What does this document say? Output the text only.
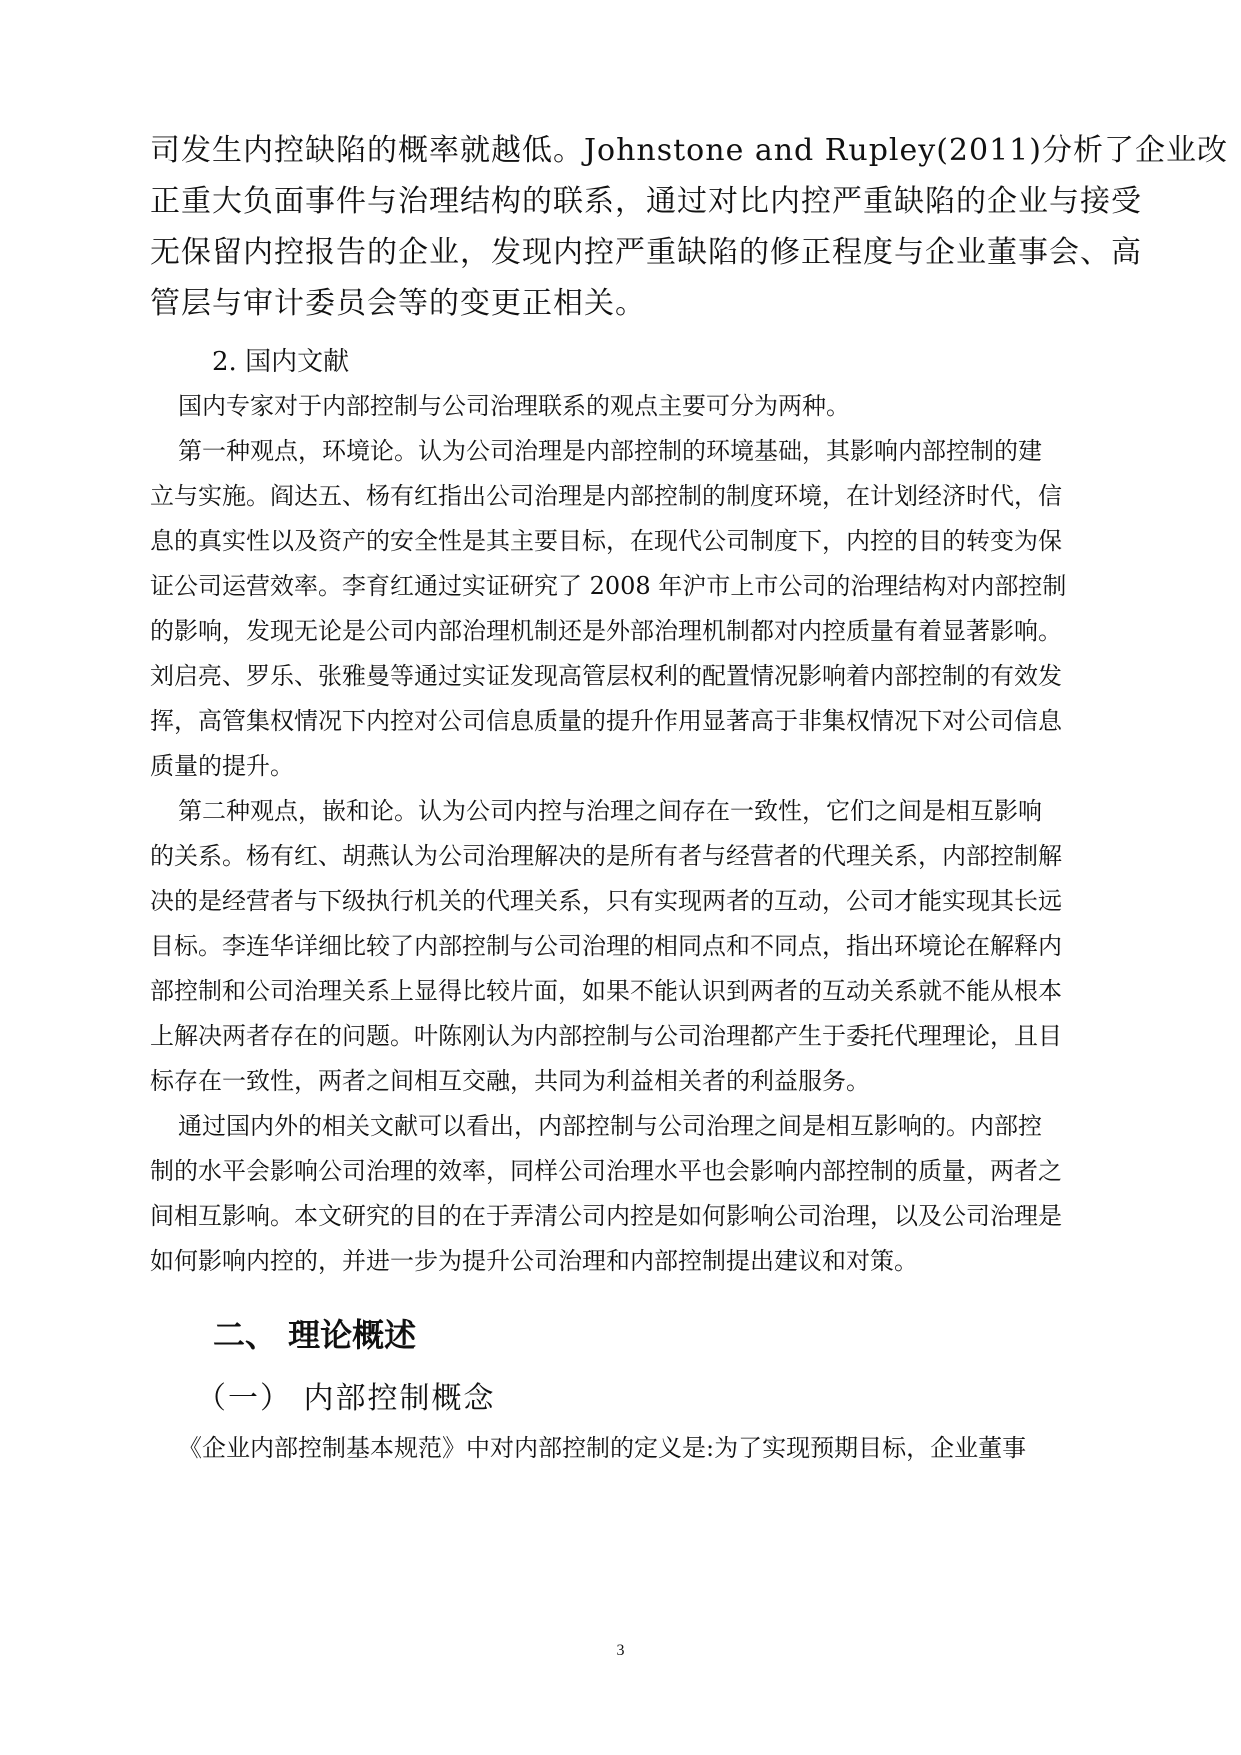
司发生内控缺陷的概率就越低。Johnstone and Rupley(2011)分析了企业改
正重大负面事件与治理结构的联系，通过对比内控严重缺陷的企业与接受
无保留内控报告的企业，发现内控严重缺陷的修正程度与企业董事会、高
管层与审计委员会等的变更正相关。
2. 国内文献
国内专家对于内部控制与公司治理联系的观点主要可分为两种。
第一种观点，环境论。认为公司治理是内部控制的环境基础，其影响内部控制的建
立与实施。阎达五、杨有红指出公司治理是内部控制的制度环境，在计划经济时代，信
息的真实性以及资产的安全性是其主要目标，在现代公司制度下，内控的目的转变为保
证公司运营效率。李育红通过实证研究了 2008 年沪市上市公司的治理结构对内部控制
的影响，发现无论是公司内部治理机制还是外部治理机制都对内控质量有着显著影响。
刘启亮、罗乐、张雅曼等通过实证发现高管层权利的配置情况影响着内部控制的有效发
挥，高管集权情况下内控对公司信息质量的提升作用显著高于非集权情况下对公司信息
质量的提升。
第二种观点，嵌和论。认为公司内控与治理之间存在一致性，它们之间是相互影响
的关系。杨有红、胡燕认为公司治理解决的是所有者与经营者的代理关系，内部控制解
决的是经营者与下级执行机关的代理关系，只有实现两者的互动，公司才能实现其长远
目标。李连华详细比较了内部控制与公司治理的相同点和不同点，指出环境论在解释内
部控制和公司治理关系上显得比较片面，如果不能认识到两者的互动关系就不能从根本
上解决两者存在的问题。叶陈刚认为内部控制与公司治理都产生于委托代理理论，且目
标存在一致性，两者之间相互交融，共同为利益相关者的利益服务。
通过国内外的相关文献可以看出，内部控制与公司治理之间是相互影响的。内部控
制的水平会影响公司治理的效率，同样公司治理水平也会影响内部控制的质量，两者之
间相互影响。本文研究的目的在于弄清公司内控是如何影响公司治理，以及公司治理是
如何影响内控的，并进一步为提升公司治理和内部控制提出建议和对策。
二、 理论概述
（一） 内部控制概念
《企业内部控制基本规范》中对内部控制的定义是:为了实现预期目标，企业董事
3
